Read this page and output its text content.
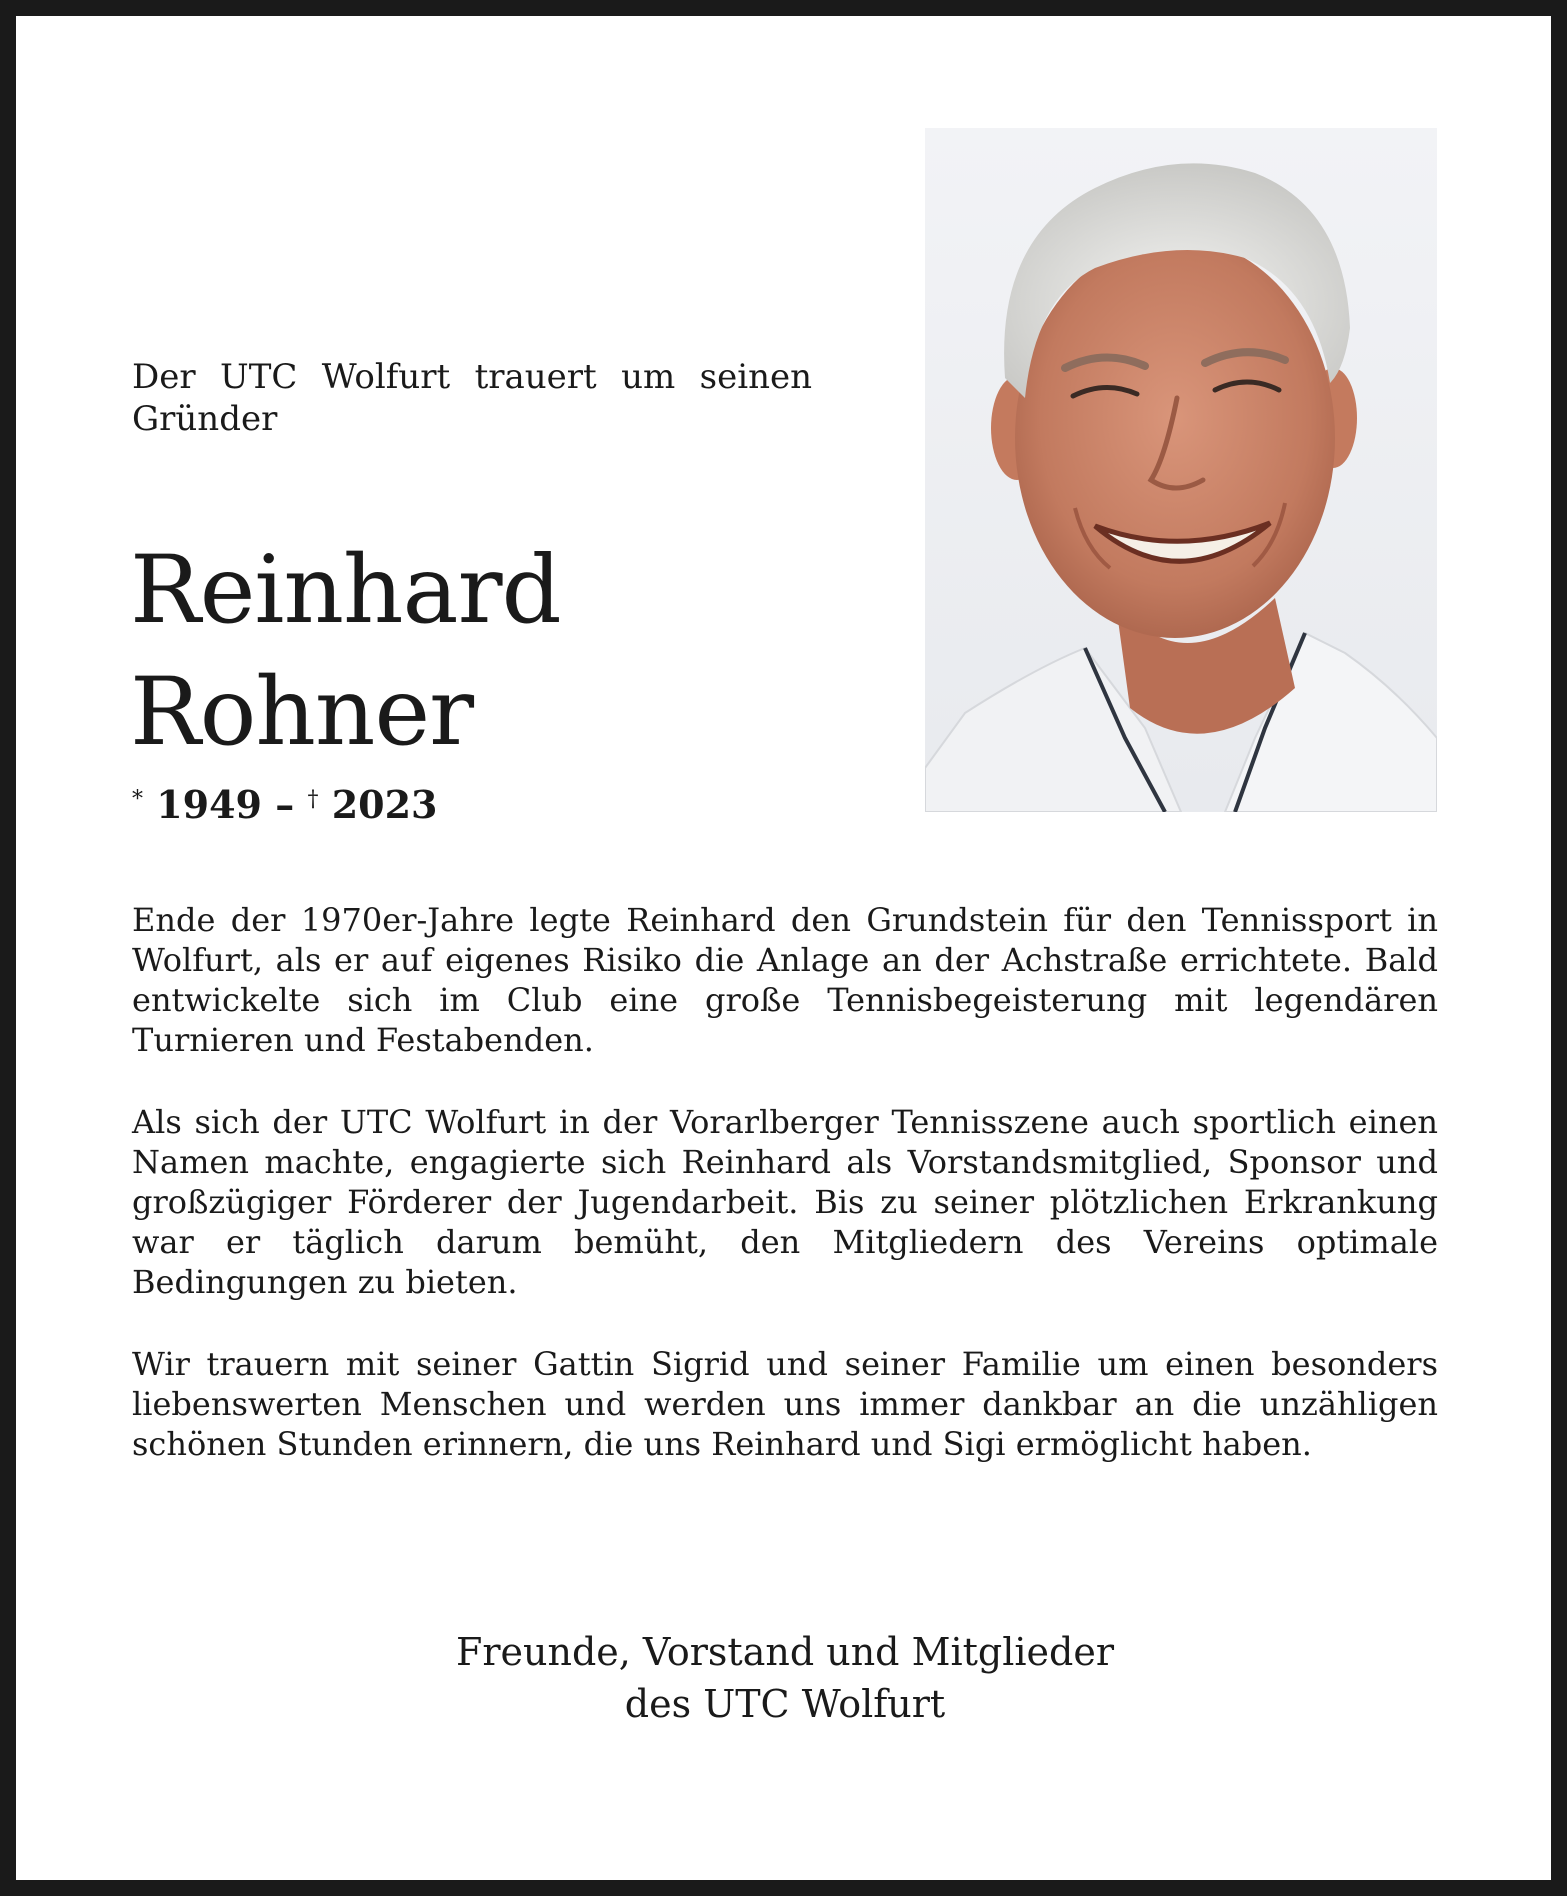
Der UTC Wolfurt trauert um seinen Gründer
Reinhard
Rohner
* 1949 – † 2023

Ende der 1970er-Jahre legte Reinhard den Grundstein für den Tennissport in Wolfurt, als er auf eigenes Risiko die Anlage an der Achstraße errichtete. Bald entwickelte sich im Club eine große Tennisbegeisterung mit legendären Turnieren und Festabenden.

Als sich der UTC Wolfurt in der Vorarlberger Tennisszene auch sportlich einen Namen machte, engagierte sich Reinhard als Vorstandsmitglied, Sponsor und großzügiger Förderer der Jugendarbeit. Bis zu seiner plötzlichen Erkrankung war er täglich darum bemüht, den Mitgliedern des Vereins optimale Bedingungen zu bieten.

Wir trauern mit seiner Gattin Sigrid und seiner Familie um einen besonders liebenswerten Menschen und werden uns immer dankbar an die unzähligen schönen Stunden erinnern, die uns Reinhard und Sigi ermöglicht haben.

Freunde, Vorstand und Mitglieder
des UTC Wolfurt
